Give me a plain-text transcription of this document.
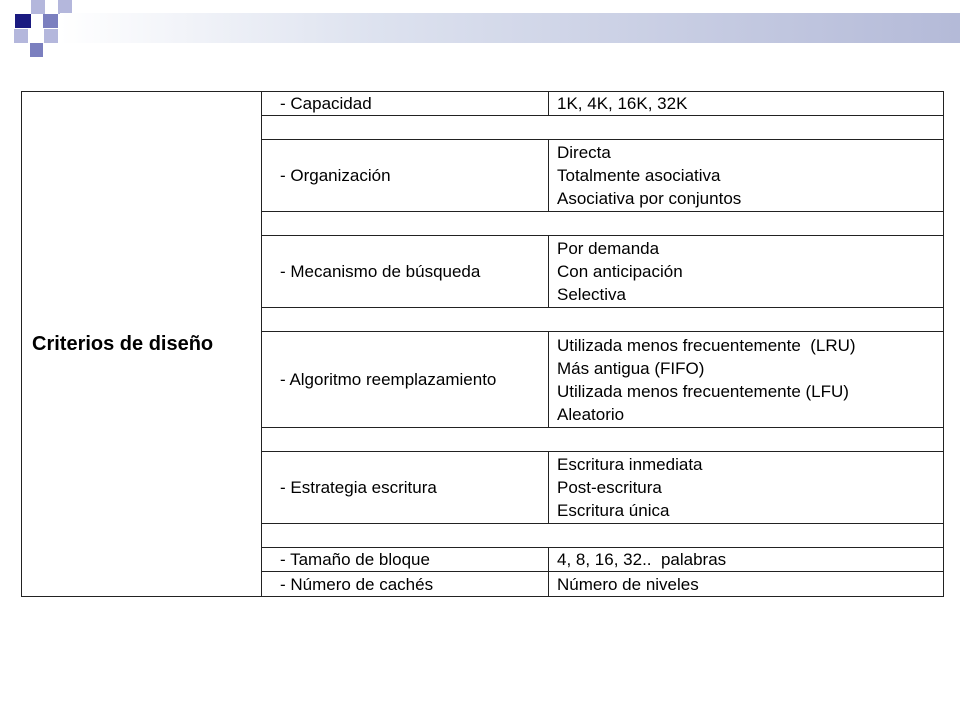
Criterios de diseño	- Capacidad	1K, 4K, 16K, 32K

	- Organización	Directa
Totalmente asociativa
Asociativa por conjuntos

	- Mecanismo de búsqueda	Por demanda
Con anticipación
Selectiva

	- Algoritmo reemplazamiento	Utilizada menos frecuentemente  (LRU)
Más antigua (FIFO)
Utilizada menos frecuentemente (LFU)
Aleatorio

	- Estrategia escritura	Escritura inmediata
Post-escritura
Escritura única

	- Tamaño de bloque	4, 8, 16, 32..  palabras

	- Número de cachés	Número de niveles
